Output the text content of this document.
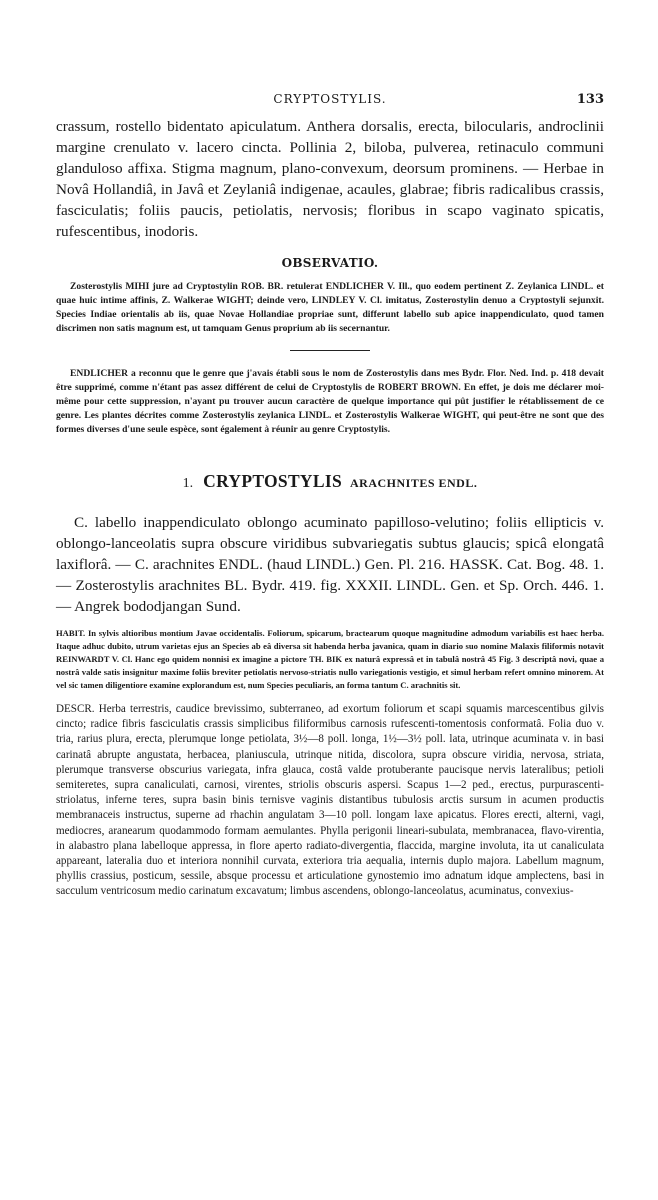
CRYPTOSTYLIS.	133

crassum, rostello bidentato apiculatum. Anthera dorsalis, erecta, bilocularis, androclinii margine crenulato v. lacero cincta. Pollinia 2, biloba, pulverea, retinaculo communi glanduloso affixa. Stigma magnum, plano-convexum, deorsum prominens. — Herbae in Novâ Hollandiâ, in Javâ et Zeylaniâ indigenae, acaules, glabrae; fibris radicalibus crassis, fasciculatis; foliis paucis, petiolatis, nervosis; floribus in scapo vaginato spicatis, rufescentibus, inodoris.

OBSERVATIO.

Zosterostylis MIHI jure ad Cryptostylin ROB. BR. retulerat ENDLICHER V. Ill., quo eodem pertinent Z. Zeylanica LINDL. et quae huic intime affinis, Z. Walkerae WIGHT; deinde vero, LINDLEY V. Cl. imitatus, Zosterostylin denuo a Cryptostyli sejunxit. Species Indiae orientalis ab iis, quae Novae Hollandiae propriae sunt, differunt labello sub apice inappendiculato, quod tamen discrimen non satis magnum est, ut tamquam Genus proprium ab iis secernantur.

ENDLICHER a reconnu que le genre que j'avais établi sous le nom de Zosterostylis dans mes Bydr. Flor. Ned. Ind. p. 418 devait être supprimé, comme n'étant pas assez différent de celui de Cryptostylis de ROBERT BROWN. En effet, je dois me déclarer moi-même pour cette suppression, n'ayant pu trouver aucun caractère de quelque importance qui pût justifier le rétablissement de ce genre. Les plantes décrites comme Zosterostylis zeylanica LINDL. et Zosterostylis Walkerae WIGHT, qui peut-être ne sont que des formes diverses d'une seule espèce, sont également à réunir au genre Cryptostylis.

1. CRYPTOSTYLIS ARACHNITES ENDL.

C. labello inappendiculato oblongo acuminato papilloso-velutino; foliis ellipticis v. oblongo-lanceolatis supra obscure viridibus subvariegatis subtus glaucis; spicâ elongatâ laxiflorâ. — C. arachnites ENDL. (haud LINDL.) Gen. Pl. 216. HASSK. Cat. Bog. 48. 1. — Zosterostylis arachnites BL. Bydr. 419. fig. XXXII. LINDL. Gen. et Sp. Orch. 446. 1. — Angrek bododjangan Sund.

HABIT. In sylvis altioribus montium Javae occidentalis. Foliorum, spicarum, bractearum quoque magnitudine admodum variabilis est haec herba. Itaque adhuc dubito, utrum varietas ejus an Species ab eâ diversa sit habenda herba javanica, quam in diario suo nomine Malaxis filiformis notavit REINWARDT V. Cl. Hanc ego quidem nonnisi ex imagine a pictore TH. BIK ex naturâ expressâ et in tabulâ nostrâ 45 Fig. 3 descriptâ novi, quae a nostrâ valde satis insignitur maxime foliis breviter petiolatis nervoso-striatis nullo variegationis vestigio, et simul herbam refert omnino minorem. At vel sic tamen diligentiore examine explorandum est, num Species peculiaris, an forma tantum C. arachnitis sit.

DESCR. Herba terrestris, caudice brevissimo, subterraneo, ad exortum foliorum et scapi squamis marcescentibus gilvis cincto; radice fibris fasciculatis crassis simplicibus filiformibus carnosis rufescenti-tomentosis conformatâ. Folia duo v. tria, rarius plura, erecta, plerumque longe petiolata, 3½—8 poll. longa, 1½—3½ poll. lata, utrinque acuminata v. in basi carinatâ abrupte angustata, herbacea, planiuscula, utrinque nitida, discolora, supra obscure viridia, nervosa, striata, plerumque transverse obscurius variegata, infra glauca, costâ valde protuberante paucisque nervis lateralibus; petioli semiteretes, supra canaliculati, carnosi, virentes, striolis obscuris aspersi. Scapus 1—2 ped., erectus, purpurascenti-striolatus, inferne teres, supra basin binis ternisve vaginis distantibus tubulosis arctis sursum in acumen productis membranaceis instructus, superne ad rhachin angulatam 3—10 poll. longam laxe apicatus. Flores erecti, alterni, vagi, mediocres, aranearum quodammodo formam aemulantes. Phylla perigonii lineari-subulata, membranacea, flavo-virentia, in alabastro plana labelloque appressa, in flore aperto radiato-divergentia, flaccida, margine involuta, ita ut canaliculata appareant, lateralia duo et interiora nonnihil curvata, exteriora tria aequalia, internis duplo majora. Labellum magnum, phyllis crassius, posticum, sessile, absque processu et articulatione gynostemio imo adnatum idque amplectens, basi in sacculum ventricosum medio carinatum excavatum; limbus ascendens, oblongo-lanceolatus, acuminatus, convexius-
